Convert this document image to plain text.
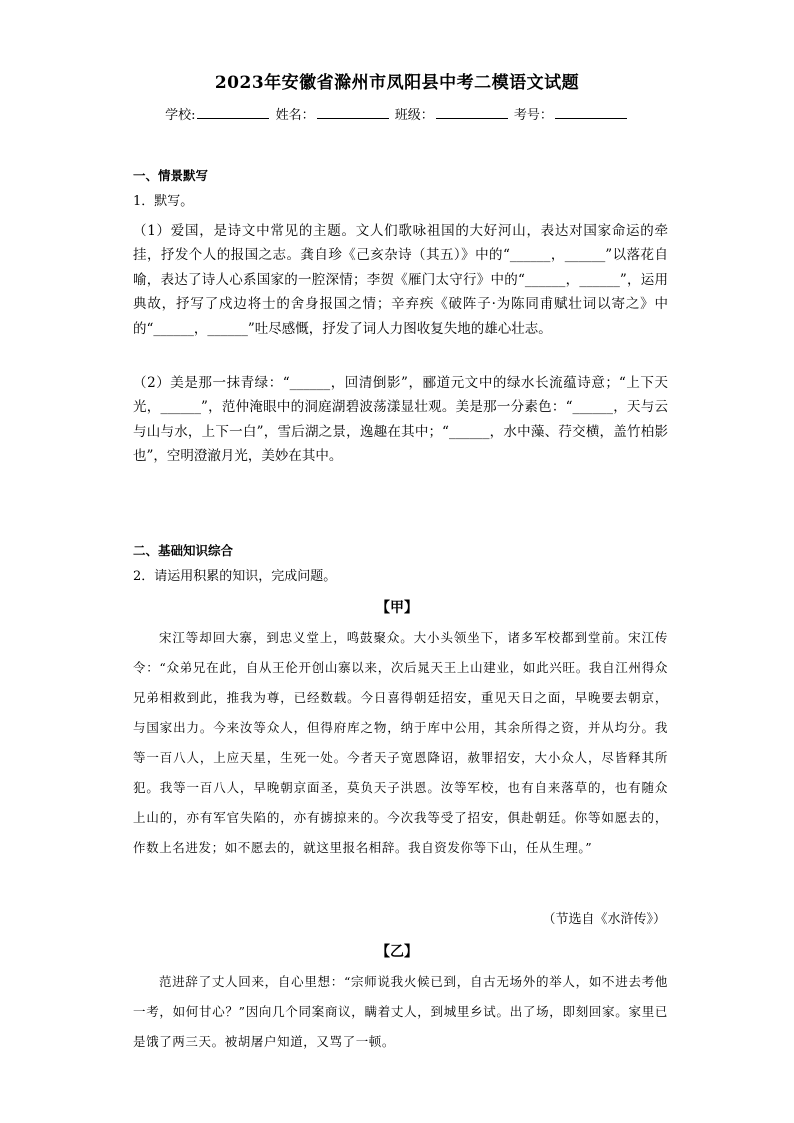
2023年安徽省滁州市凤阳县中考二模语文试题
学校:	姓名：	班级：	考号：
一、情景默写
1．默写。
（1）爱国，是诗文中常见的主题。文人们歌咏祖国的大好河山，表达对国家命运的牵挂，抒发个人的报国之志。龚自珍《己亥杂诗（其五）》中的“______，______”以落花自喻，表达了诗人心系国家的一腔深情；李贺《雁门太守行》中的“______，______”，运用典故，抒写了戍边将士的舍身报国之情；辛弃疾《破阵子·为陈同甫赋壮词以寄之》中的“______，______”吐尽感慨，抒发了词人力图收复失地的雄心壮志。
（2）美是那一抹青绿：“______，回清倒影”，郦道元文中的绿水长流蕴诗意；“上下天光，______”，范仲淹眼中的洞庭湖碧波荡漾显壮观。美是那一分素色：“______，天与云与山与水，上下一白”，雪后湖之景，逸趣在其中；“______，水中藻、荇交横，盖竹柏影也”，空明澄澈月光，美妙在其中。
二、基础知识综合
2．请运用积累的知识，完成问题。
【甲】
宋江等却回大寨，到忠义堂上，鸣鼓聚众。大小头领坐下，诸多军校都到堂前。宋江传令：“众弟兄在此，自从王伦开创山寨以来，次后晁天王上山建业，如此兴旺。我自江州得众兄弟相救到此，推我为尊，已经数载。今日喜得朝廷招安，重见天日之面，早晚要去朝京，与国家出力。今来汝等众人，但得府库之物，纳于库中公用，其余所得之资，并从均分。我等一百八人，上应天星，生死一处。今者天子宽恩降诏，赦罪招安，大小众人，尽皆释其所犯。我等一百八人，早晚朝京面圣，莫负天子洪恩。汝等军校，也有自来落草的，也有随众上山的，亦有军官失陷的，亦有掳掠来的。今次我等受了招安，俱赴朝廷。你等如愿去的，作数上名进发；如不愿去的，就这里报名相辞。我自资发你等下山，任从生理。”
（节选自《水浒传》）
【乙】
范进辞了丈人回来，自心里想：“宗师说我火候已到，自古无场外的举人，如不进去考他一考，如何甘心？”因向几个同案商议，瞒着丈人，到城里乡试。出了场，即刻回家。家里已是饿了两三天。被胡屠户知道，又骂了一顿。
